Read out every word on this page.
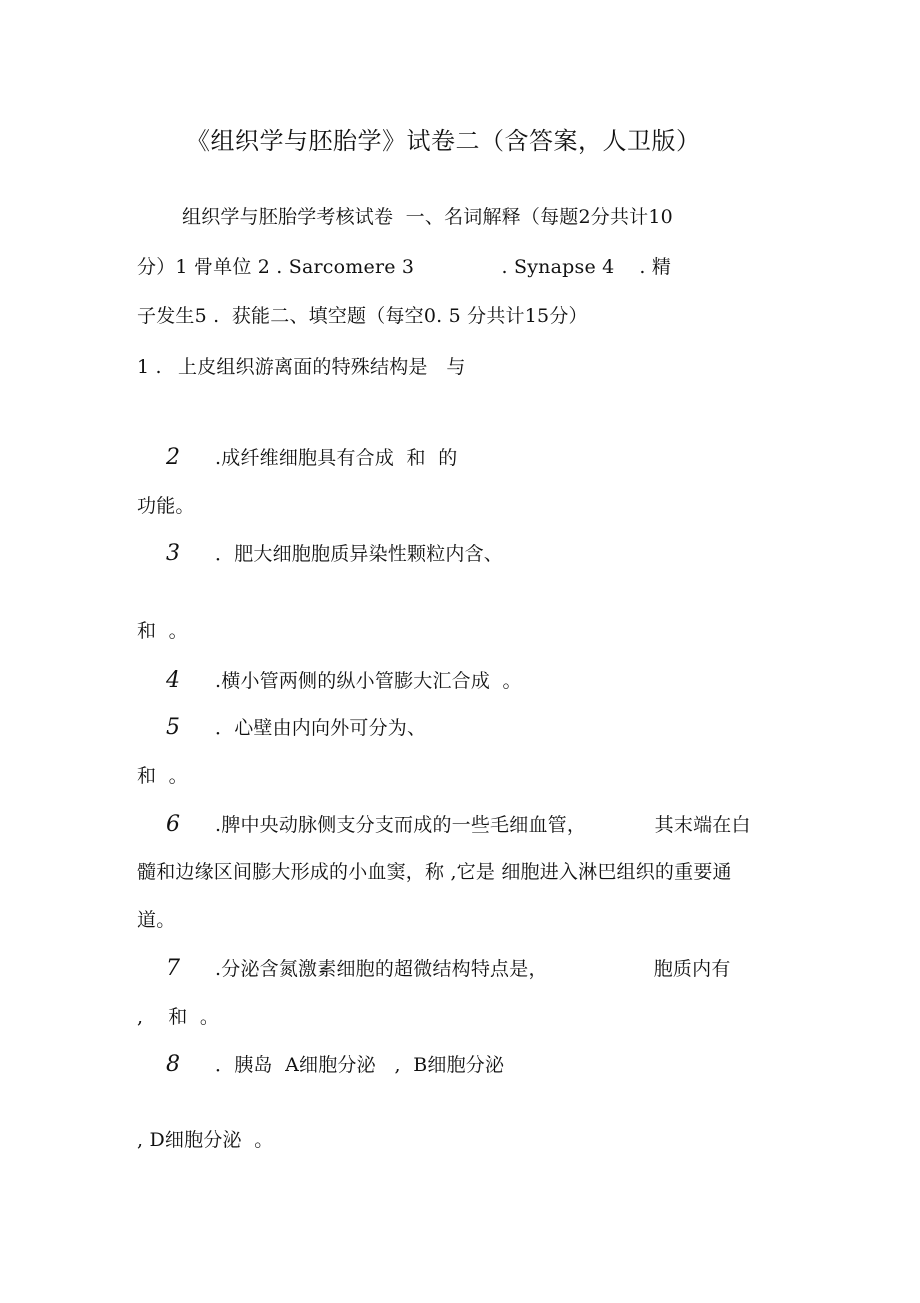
《组织学与胚胎学》试卷二（含答案，人卫版）
组织学与胚胎学考核试卷  一、名词解释（每题2分共计10
分）1 骨单位 2 . Sarcomere 3              . Synapse 4    . 精
子发生5 .  获能二、填空题（每空0. 5 分共计15分）
1 . 上皮组织游离面的特殊结构是   与
2 .成纤维细胞具有合成  和  的
功能。
3 ．肥大细胞胞质异染性颗粒内含、
和  。
4 .横小管两侧的纵小管膨大汇合成  。
5 ．心壁由内向外可分为、
和  。
6 .脾中央动脉侧支分支而成的一些毛细血管，           其末端在白
髓和边缘区间膨大形成的小血窦，称 ,它是 细胞进入淋巴组织的重要通
道。
7 .分泌含氮激素细胞的超微结构特点是，                 胞质内有
,    和  。
8 ．胰岛  A细胞分泌   ,  B细胞分泌
, D细胞分泌  。
